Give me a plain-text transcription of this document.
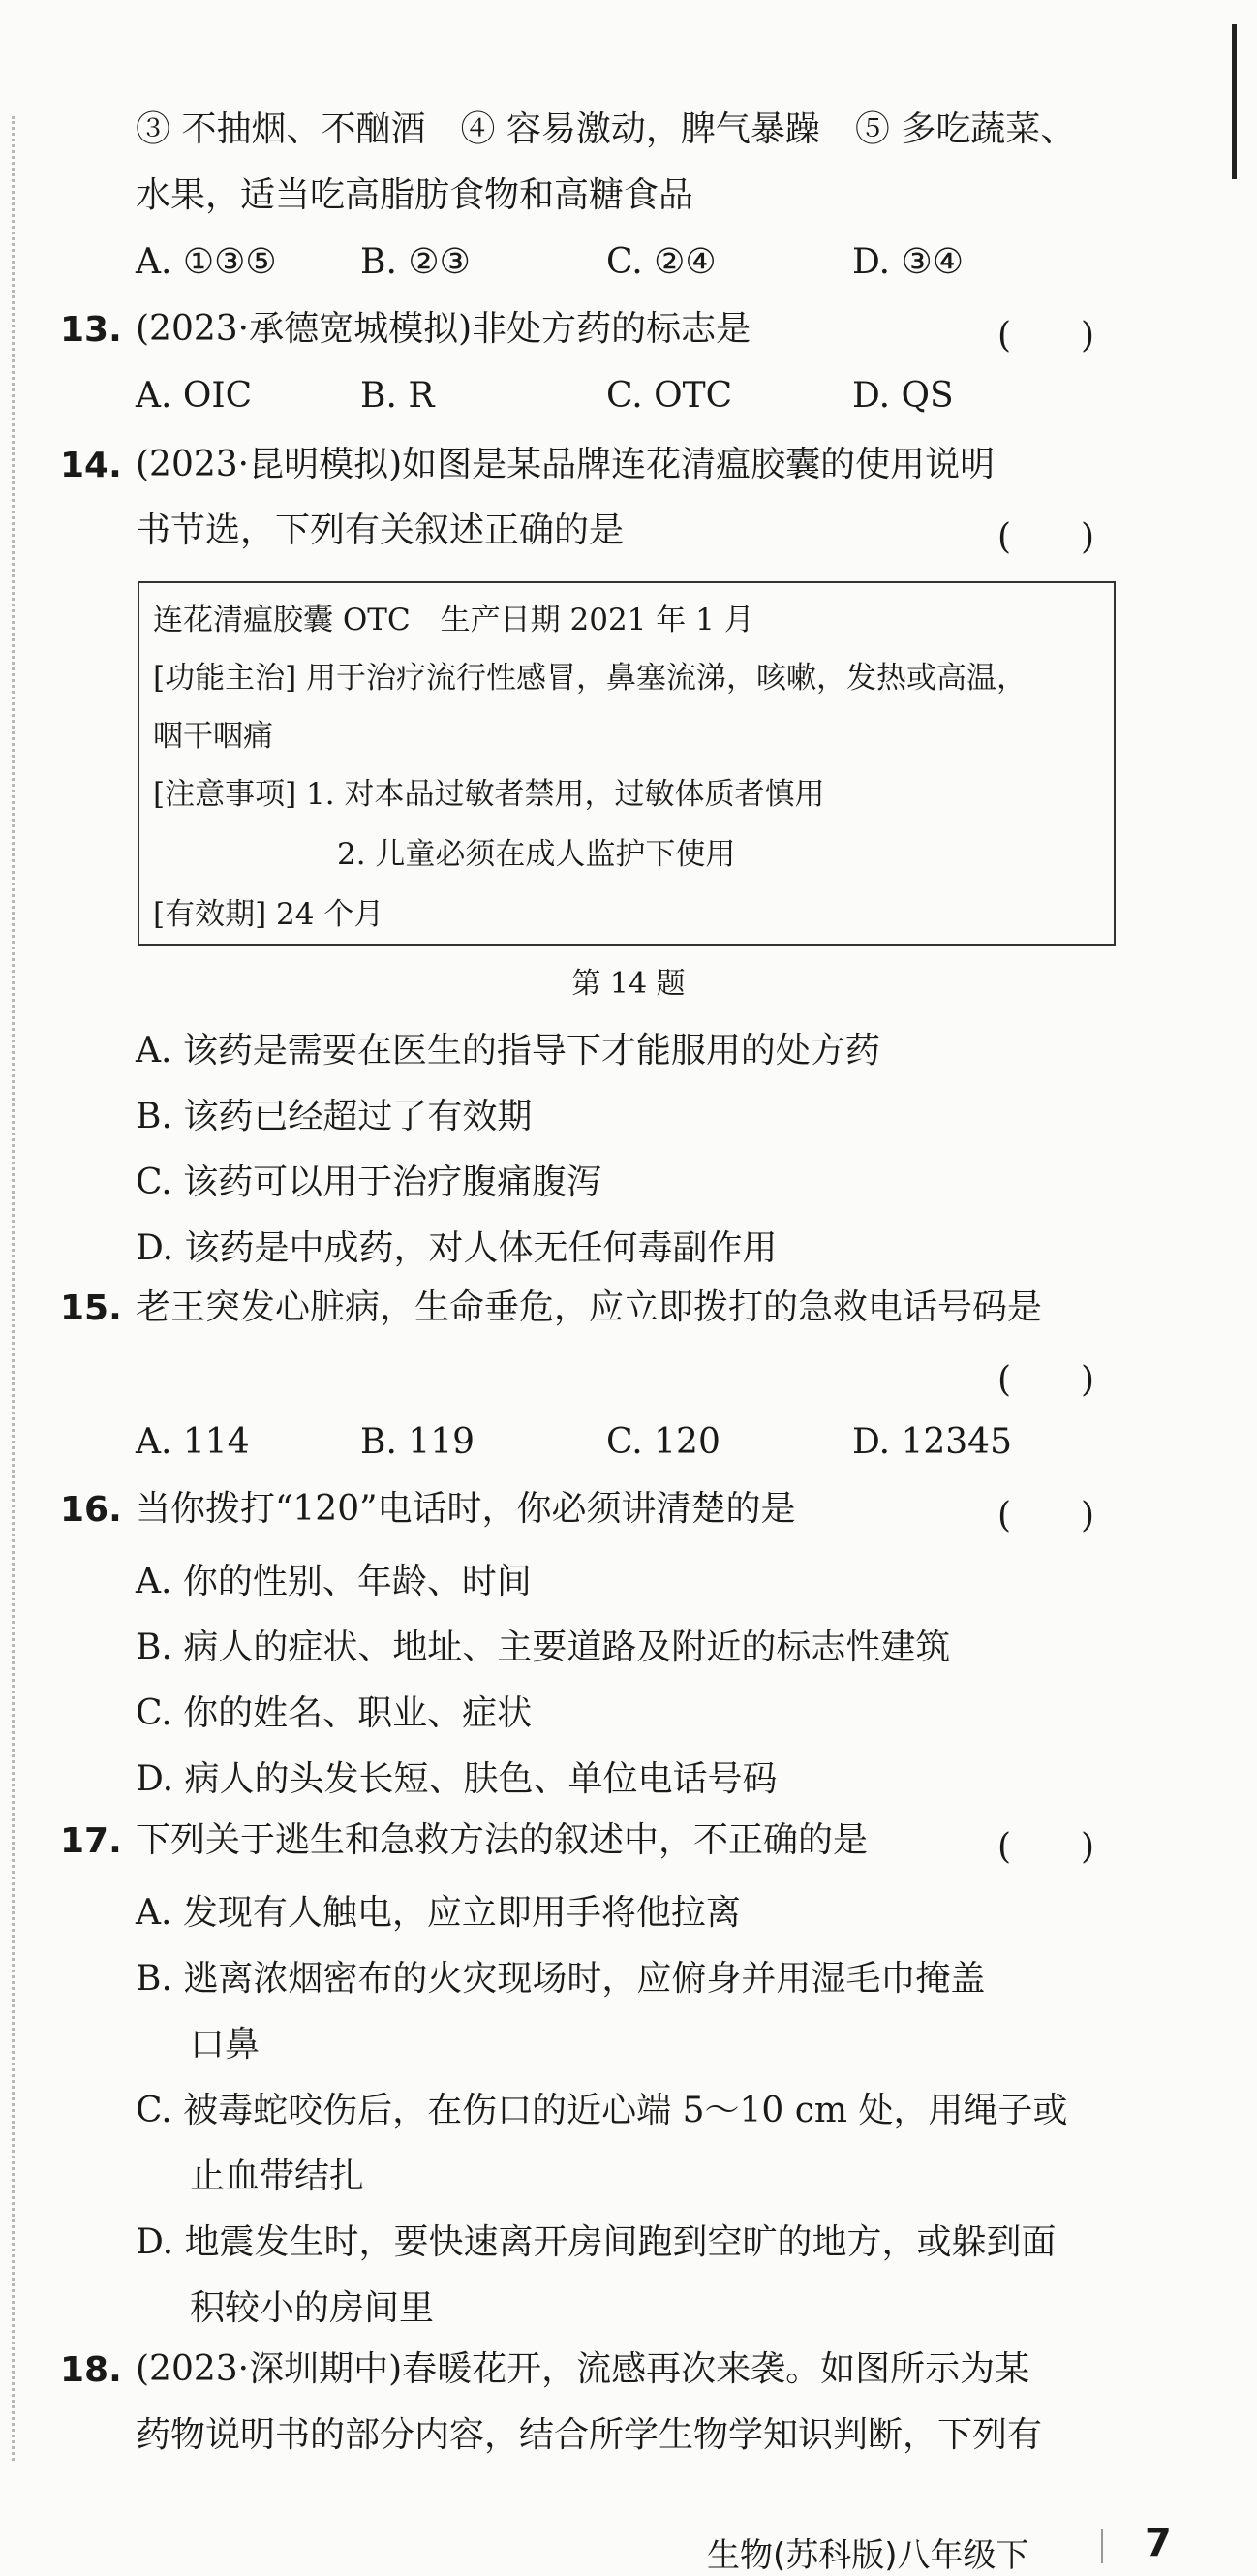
③ 不抽烟、不酗酒　④ 容易激动，脾气暴躁　⑤ 多吃蔬菜、
水果，适当吃高脂肪食物和高糖食品
A. ①③⑤ B. ②③	C. ②④	D. ③④
13. (2023·承德宽城模拟)非处方药的标志是	(　　)
A. OIC	B. R	C. OTC	D. QS
14. (2023·昆明模拟)如图是某品牌连花清瘟胶囊的使用说明
书节选，下列有关叙述正确的是	(　　)
连花清瘟胶囊 OTC　生产日期 2021 年 1 月
[功能主治] 用于治疗流行性感冒，鼻塞流涕，咳嗽，发热或高温，
咽干咽痛
[注意事项] 1. 对本品过敏者禁用，过敏体质者慎用
2. 儿童必须在成人监护下使用
[有效期] 24 个月
第 14 题
A. 该药是需要在医生的指导下才能服用的处方药
B. 该药已经超过了有效期
C. 该药可以用于治疗腹痛腹泻
D. 该药是中成药，对人体无任何毒副作用
15. 老王突发心脏病，生命垂危，应立即拨打的急救电话号码是
(　　)
A. 114	B. 119	C. 120	D. 12345
16. 当你拨打“120”电话时，你必须讲清楚的是	(　　)
A. 你的性别、年龄、时间
B. 病人的症状、地址、主要道路及附近的标志性建筑
C. 你的姓名、职业、症状
D. 病人的头发长短、肤色、单位电话号码
17. 下列关于逃生和急救方法的叙述中，不正确的是	(　　)
A. 发现有人触电，应立即用手将他拉离
B. 逃离浓烟密布的火灾现场时，应俯身并用湿毛巾掩盖
口鼻
C. 被毒蛇咬伤后，在伤口的近心端 5～10 cm 处，用绳子或
止血带结扎
D. 地震发生时，要快速离开房间跑到空旷的地方，或躲到面
积较小的房间里
18. (2023·深圳期中)春暖花开，流感再次来袭。如图所示为某
药物说明书的部分内容，结合所学生物学知识判断，下列有
生物(苏科版)八年级下	7
